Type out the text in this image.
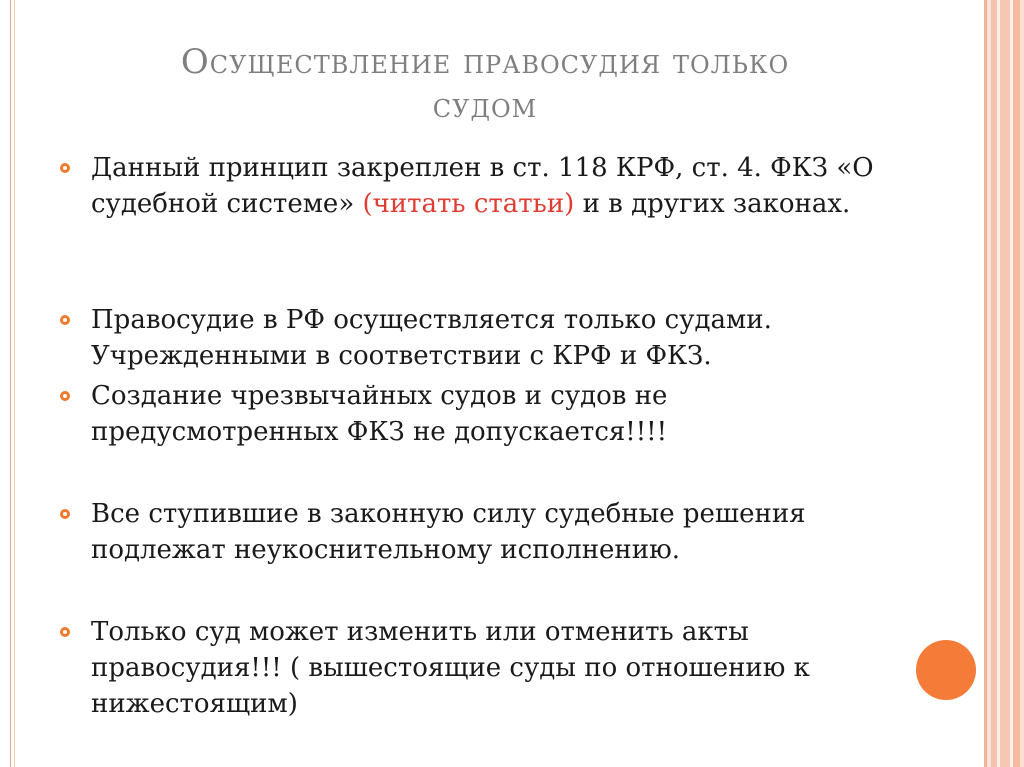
Осуществление правосудия только
судом
Данный принцип закреплен в ст. 118 КРФ, ст. 4. ФКЗ «О судебной системе» (читать статьи) и в других законах.
Правосудие в РФ осуществляется только судами. Учрежденными в соответствии с КРФ и ФКЗ.
Создание чрезвычайных судов и судов не предусмотренных ФКЗ не допускается!!!!
Все ступившие в законную силу судебные решения подлежат неукоснительному исполнению.
Только суд может изменить или отменить акты правосудия!!! ( вышестоящие суды по отношению к нижестоящим)
